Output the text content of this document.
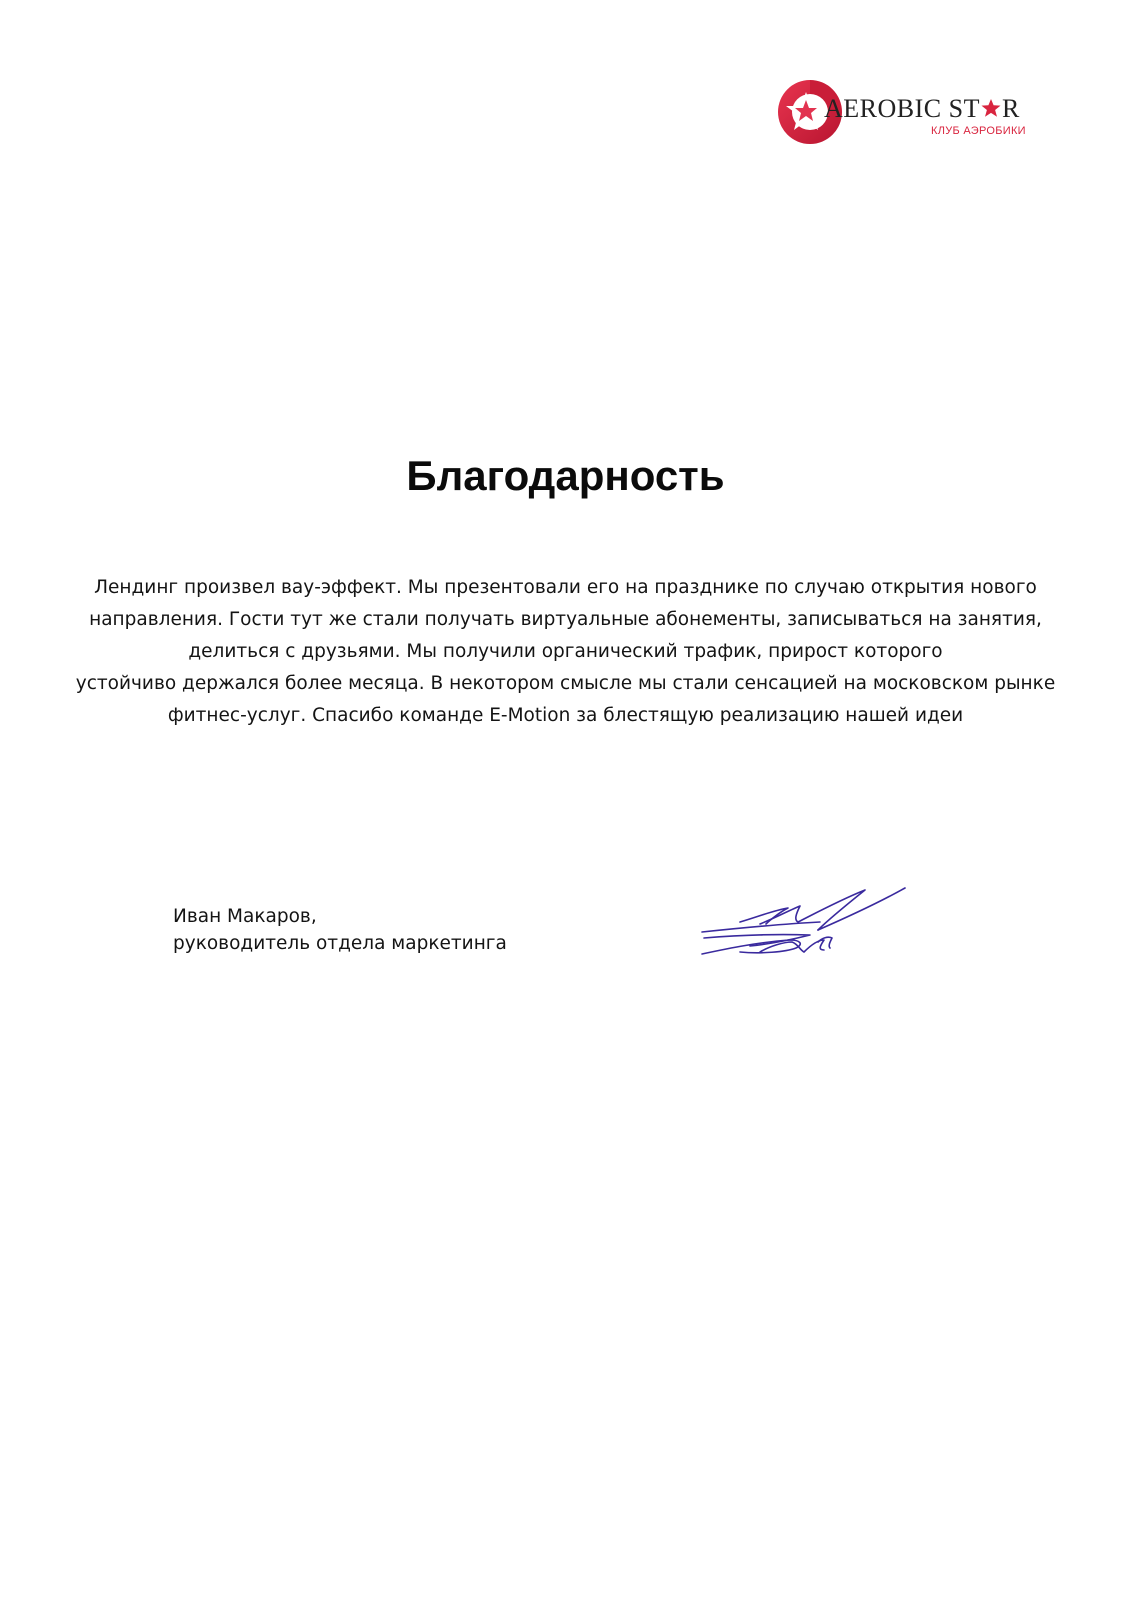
AEROBIC ST R
КЛУБ АЭРОБИКИ
Благодарность
Лендинг произвел вау-эффект. Мы презентовали его на празднике по случаю открытия нового
направления. Гости тут же стали получать виртуальные абонементы, записываться на занятия,
делиться с друзьями. Мы получили органический трафик, прирост которого
устойчиво держался более месяца. В некотором смысле мы стали сенсацией на московском рынке
фитнес-услуг. Спасибо команде E-Motion за блестящую реализацию нашей идеи
Иван Макаров,
руководитель отдела маркетинга
